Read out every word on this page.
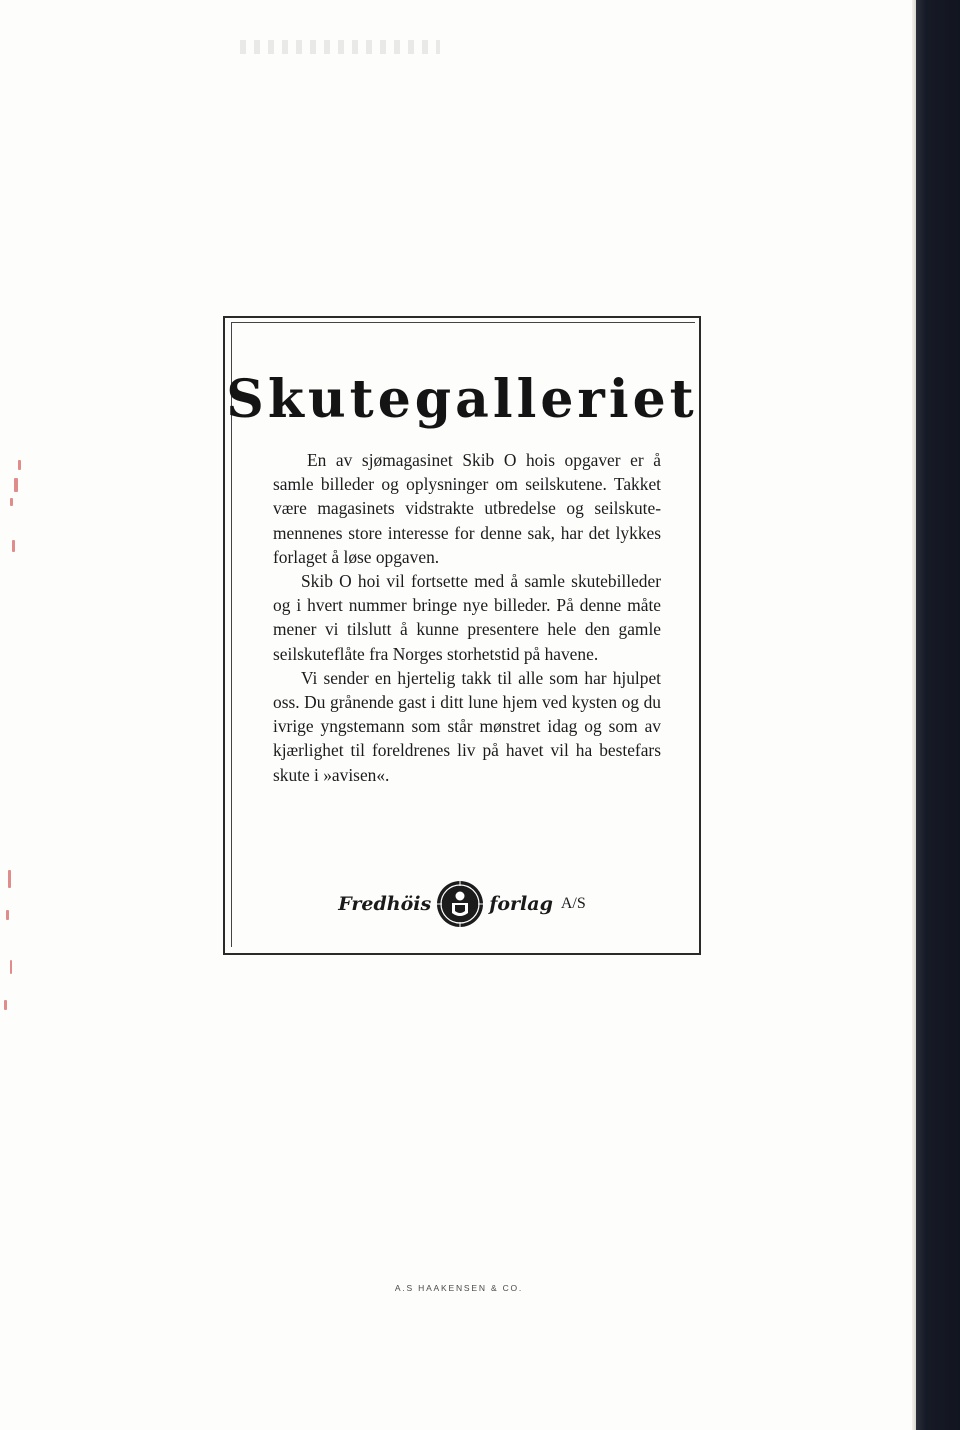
Skutegalleriet

En av sjømagasinet Skib O hois opgaver er å samle billeder og oplysninger om seilskutene. Takket være magasinets vidstrakte utbredelse og seilskute-mennenes store interesse for denne sak, har det lykkes forlaget å løse opgaven.

Skib O hoi vil fortsette med å samle skutebilleder og i hvert nummer bringe nye billeder. På denne måte mener vi tilslutt å kunne presentere hele den gamle seilskuteflåte fra Norges storhetstid på havene.

Vi sender en hjertelig takk til alle som har hjulpet oss. Du grånende gast i ditt lune hjem ved kysten og du ivrige yngstemann som står mønstret idag og som av kjærlighet til foreldrenes liv på havet vil ha bestefars skute i »avisen«.

Fredhöis	forlag A/S
A.S HAAKENSEN & CO.
